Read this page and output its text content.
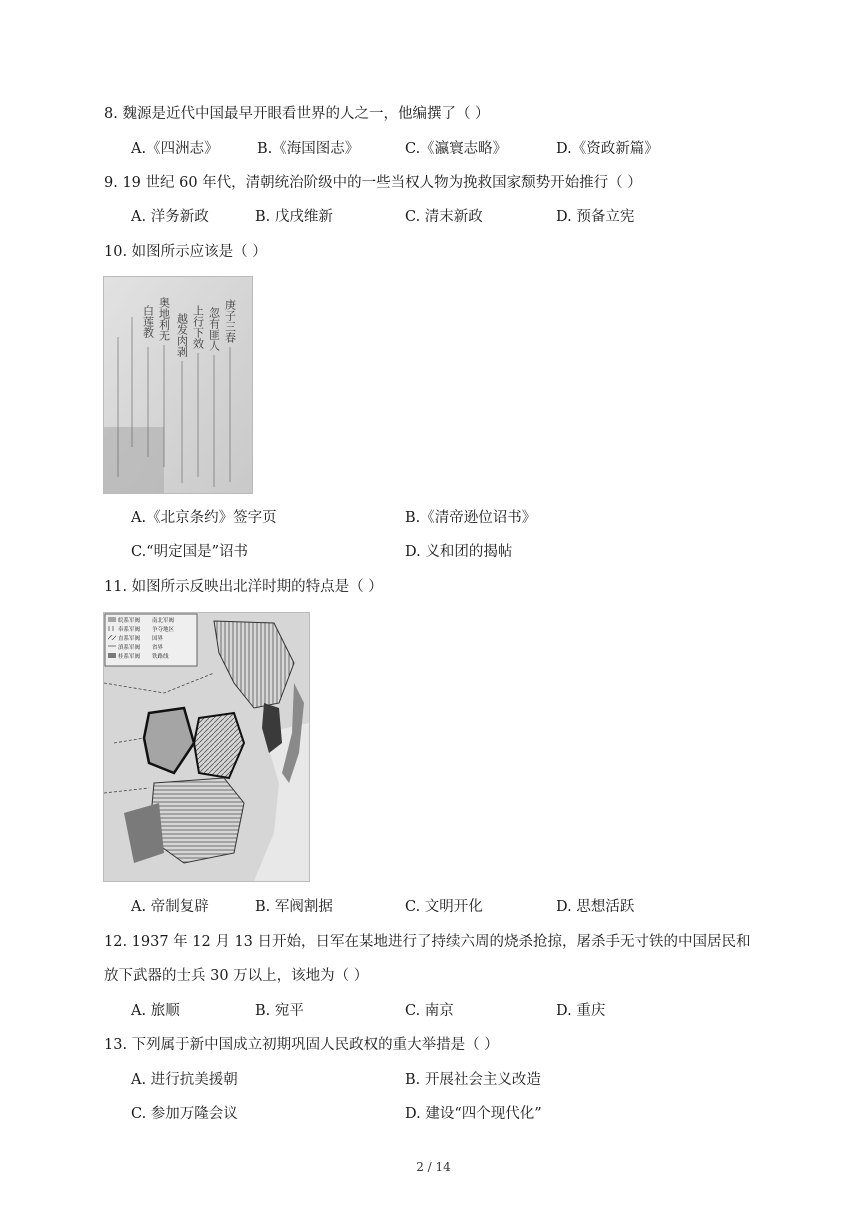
8. 魏源是近代中国最早开眼看世界的人之一，他编撰了（ ）
A.《四洲志》	B.《海国图志》	C.《瀛寰志略》	D.《资政新篇》
9. 19 世纪 60 年代，清朝统治阶级中的一些当权人物为挽救国家颓势开始推行（ ）
A. 洋务新政	B. 戊戌维新	C. 清末新政	D. 预备立宪
10. 如图所示应该是（ ）
庚子三春
忽有匪人
上行下效
越发肉剥
奥地利无
白莲教
A.《北京条约》签字页	B.《清帝逊位诏书》
C.“明定国是”诏书	D. 义和团的揭帖
11. 如图所示反映出北洋时期的特点是（ ）
皖系军阀
奉系军阀
直系军阀
滇系军阀
桂系军阀
南北军阀
争夺地区
国界
省界
铁路线
A. 帝制复辟	B. 军阀割据	C. 文明开化	D. 思想活跃
12. 1937 年 12 月 13 日开始，日军在某地进行了持续六周的烧杀抢掠，屠杀手无寸铁的中国居民和
放下武器的士兵 30 万以上，该地为（ ）
A. 旅顺	B. 宛平	C. 南京	D. 重庆
13. 下列属于新中国成立初期巩固人民政权的重大举措是（ ）
A. 进行抗美援朝	B. 开展社会主义改造
C. 参加万隆会议	D. 建设“四个现代化”
2 / 14
